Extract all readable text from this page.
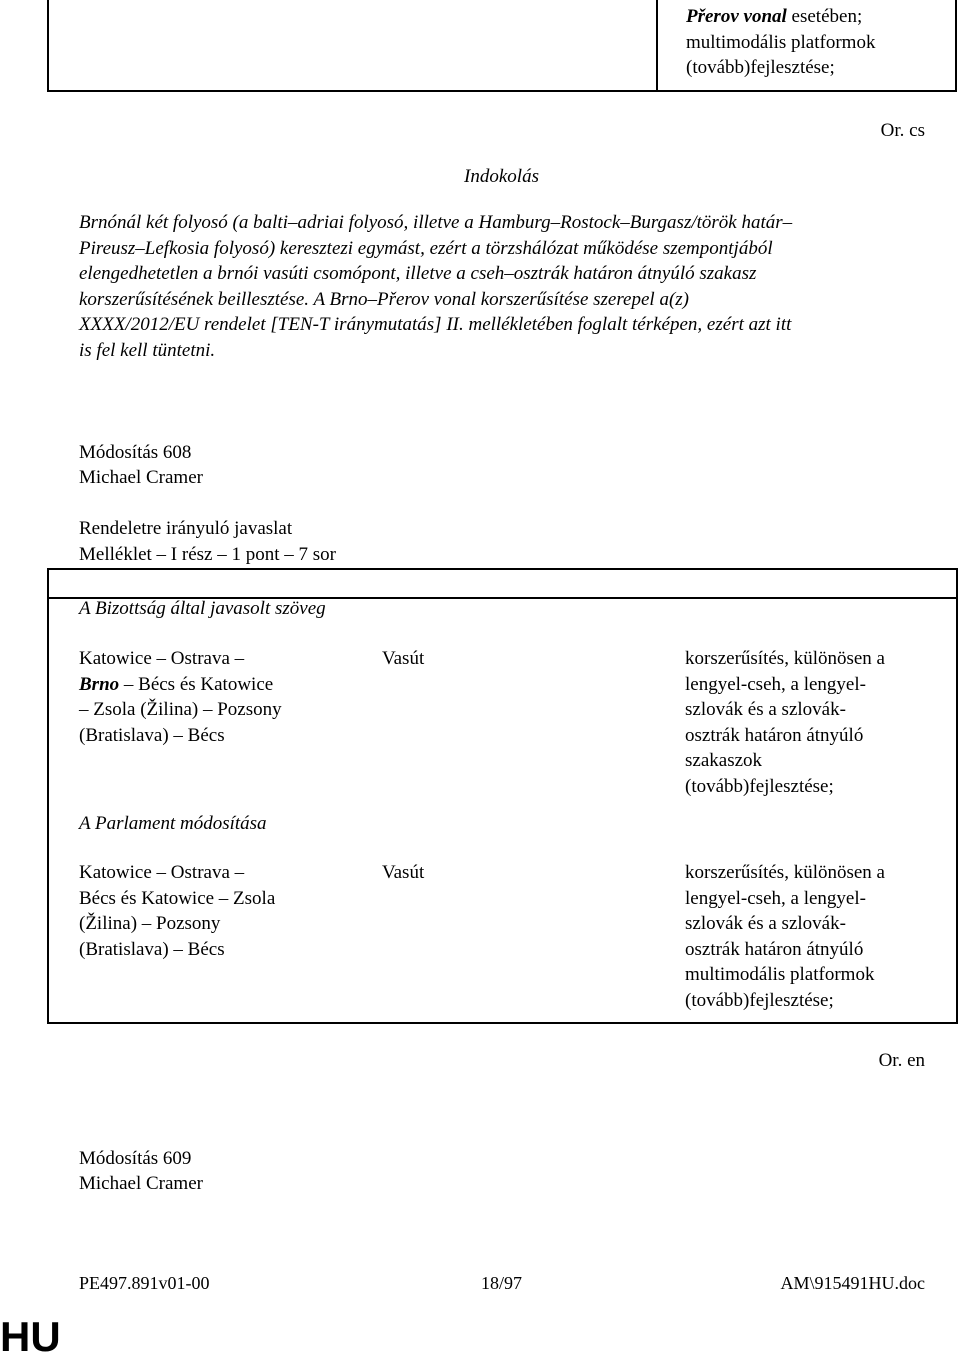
Přerov vonal esetében;
multimodális platformok
(tovább)fejlesztése;
Or. cs
Indokolás
Brnónál két folyosó (a balti–adriai folyosó, illetve a Hamburg–Rostock–Burgasz/török határ–
Pireusz–Lefkosia folyosó) keresztezi egymást, ezért a törzshálózat működése szempontjából
elengedhetetlen a brnói vasúti csomópont, illetve a cseh–osztrák határon átnyúló szakasz
korszerűsítésének beillesztése. A Brno–Přerov vonal korszerűsítése szerepel a(z)
XXXX/2012/EU rendelet [TEN-T iránymutatás] II. mellékletében foglalt térképen, ezért azt itt
is fel kell tüntetni.
Módosítás 608
Michael Cramer
Rendeletre irányuló javaslat
Melléklet – I rész – 1 pont – 7 sor
A Bizottság által javasolt szöveg
Katowice – Ostrava –
Brno – Bécs és Katowice
– Zsola (Žilina) – Pozsony
(Bratislava) – Bécs
Vasút	korszerűsítés, különösen a
lengyel-cseh, a lengyel-
szlovák és a szlovák-
osztrák határon átnyúló
szakaszok
(tovább)fejlesztése;
A Parlament módosítása
Katowice – Ostrava –
Bécs és Katowice – Zsola
(Žilina) – Pozsony
(Bratislava) – Bécs
Vasút	korszerűsítés, különösen a
lengyel-cseh, a lengyel-
szlovák és a szlovák-
osztrák határon átnyúló
multimodális platformok
(tovább)fejlesztése;
Or. en
Módosítás 609
Michael Cramer
PE497.891v01-00	18/97	AM\915491HU.doc
HU
